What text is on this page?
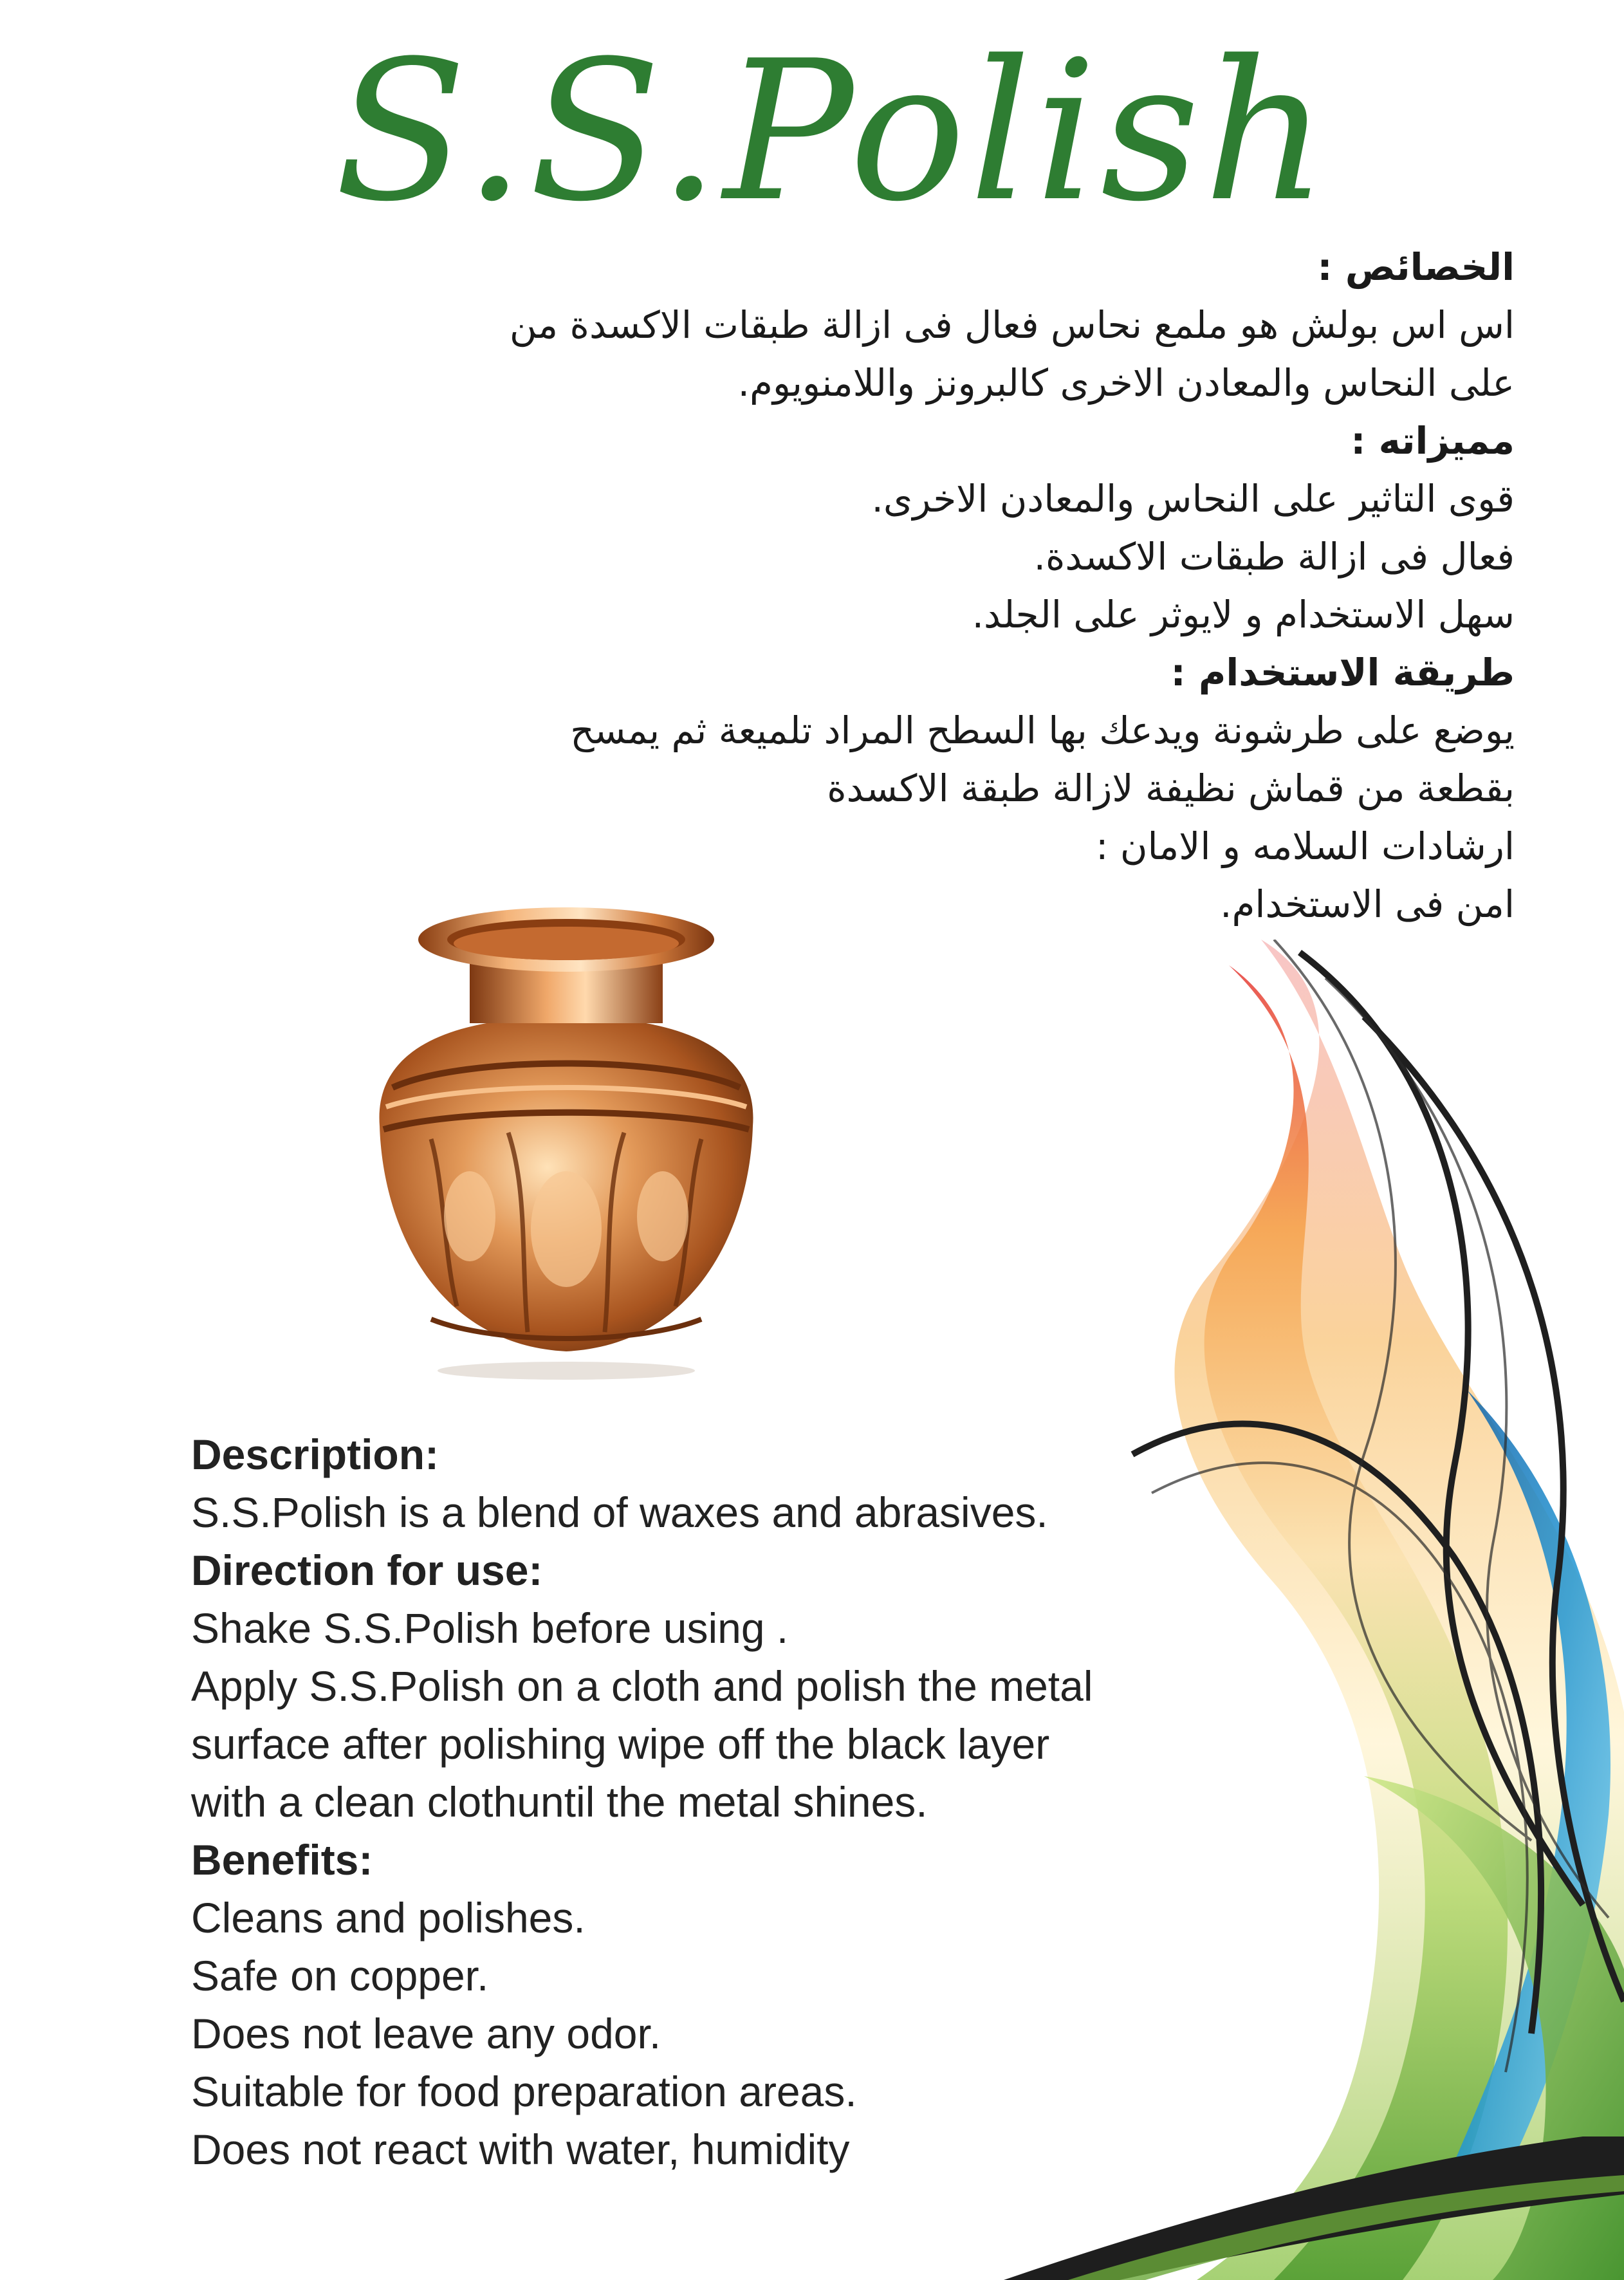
S.S.Polish

الخصائص :

اس اس بولش هو ملمع نحاس فعال فى ازالة طبقات الاكسدة من

على النحاس والمعادن الاخرى كالبرونز واللامنويوم.

مميزاته :

قوى التاثير على النحاس والمعادن الاخرى.

فعال فى ازالة طبقات الاكسدة.

سهل الاستخدام و لايوثر على الجلد.

طريقة الاستخدام :

يوضع على طرشونة ويدعك بها السطح المراد تلميعة ثم يمسح

بقطعة من قماش نظيفة لازالة طبقة الاكسدة

ارشادات السلامه و الامان :

امن فى الاستخدام.

Description:

S.S.Polish is a blend of waxes and abrasives.

Direction for use:

Shake S.S.Polish before using .

Apply S.S.Polish on a cloth and polish the metal

surface after polishing wipe off the black layer

with a clean clothuntil the metal shines.

Benefits:

Cleans and polishes.

Safe on copper.

Does not leave any odor.

Suitable for food preparation areas.

Does not react with water, humidity
